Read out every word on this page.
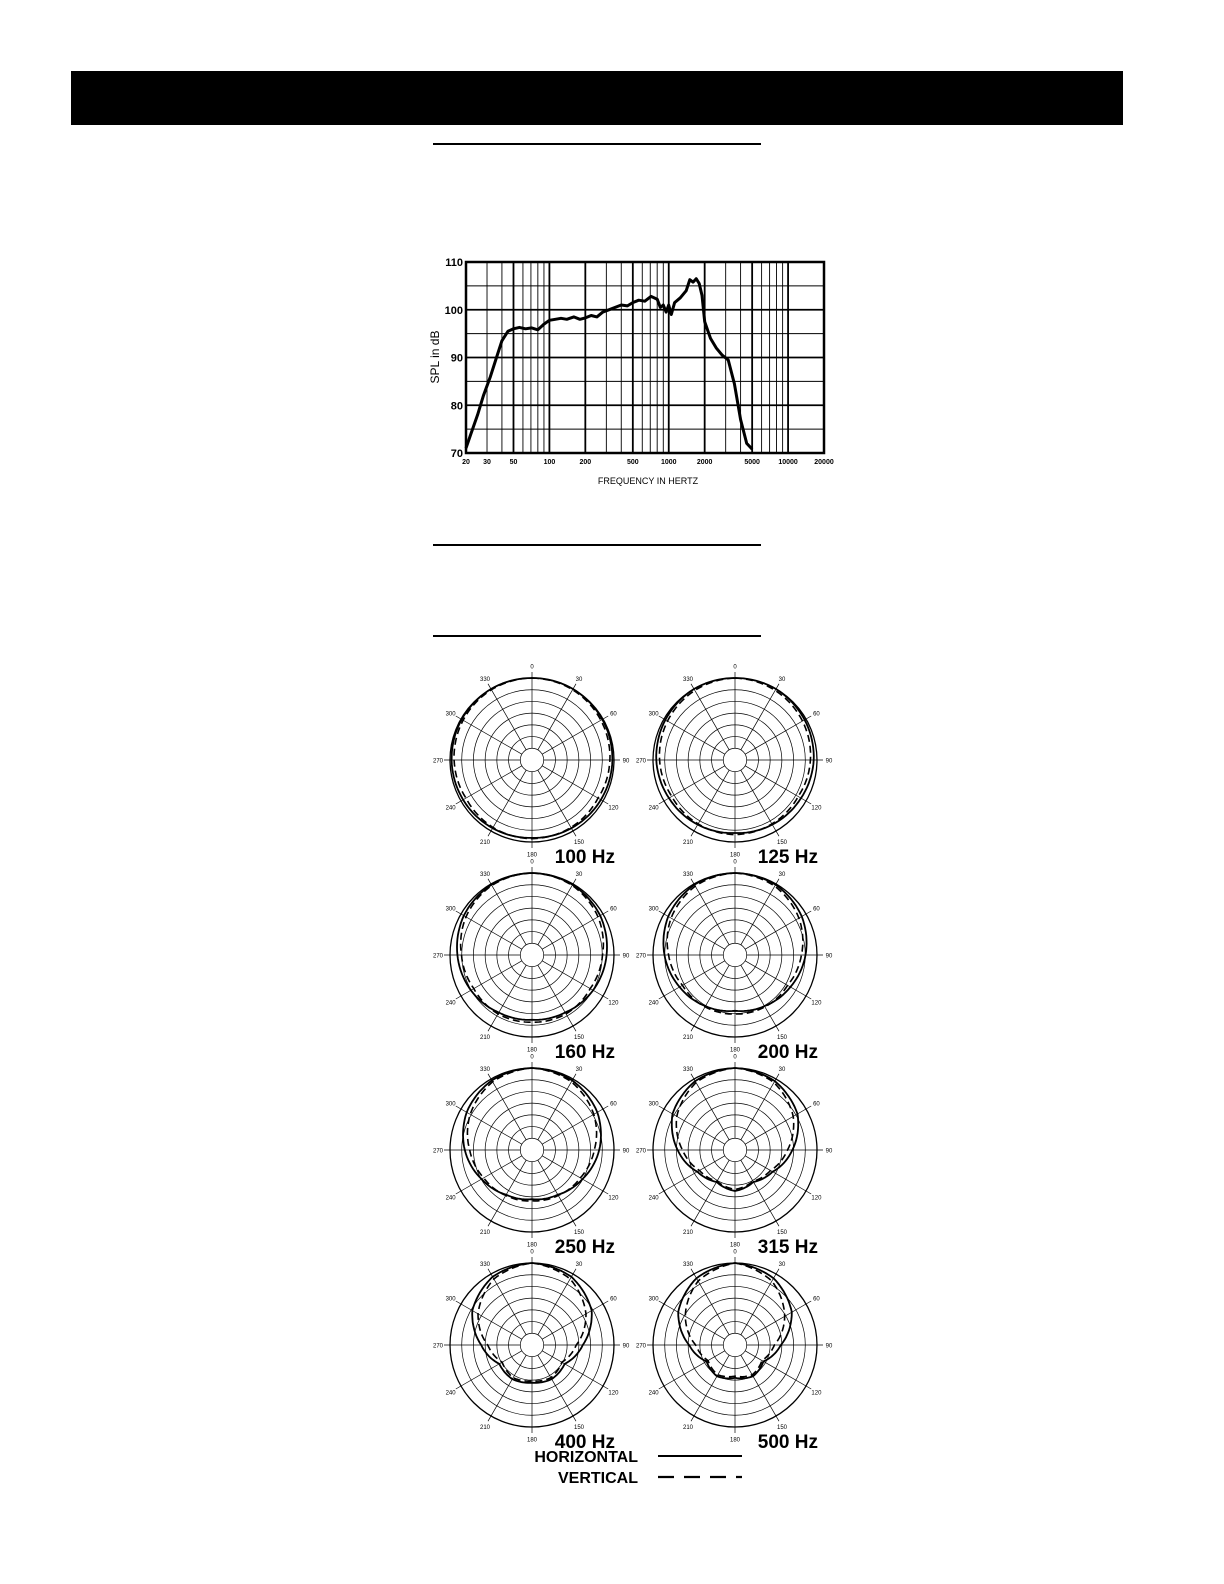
20 30	50	100	200	500	1000	2000	5000	10000 20000
70
80
90
100
110
SPL in dB
FREQUENCY IN HERTZ
0
30
60
90
120
150
180
210
240
270
300
330
100 Hz
0
30
60
90
120
150
180
210
240
270
300
330
125 Hz
0
30
60
90
120
150
180
210
240
270
300
330
160 Hz
0
30
60
90
120
150
180
210
240
270
300
330
200 Hz
0
30
60
90
120
150
180
210
240
270
300
330
250 Hz
0
30
60
90
120
150
180
210
240
270
300
330
315 Hz
0
30
60
90
120
150
180
210
240
270
300
330
400 Hz
0
30
60
90
120
150
180
210
240
270
300
330
500 Hz
HORIZONTAL
VERTICAL
